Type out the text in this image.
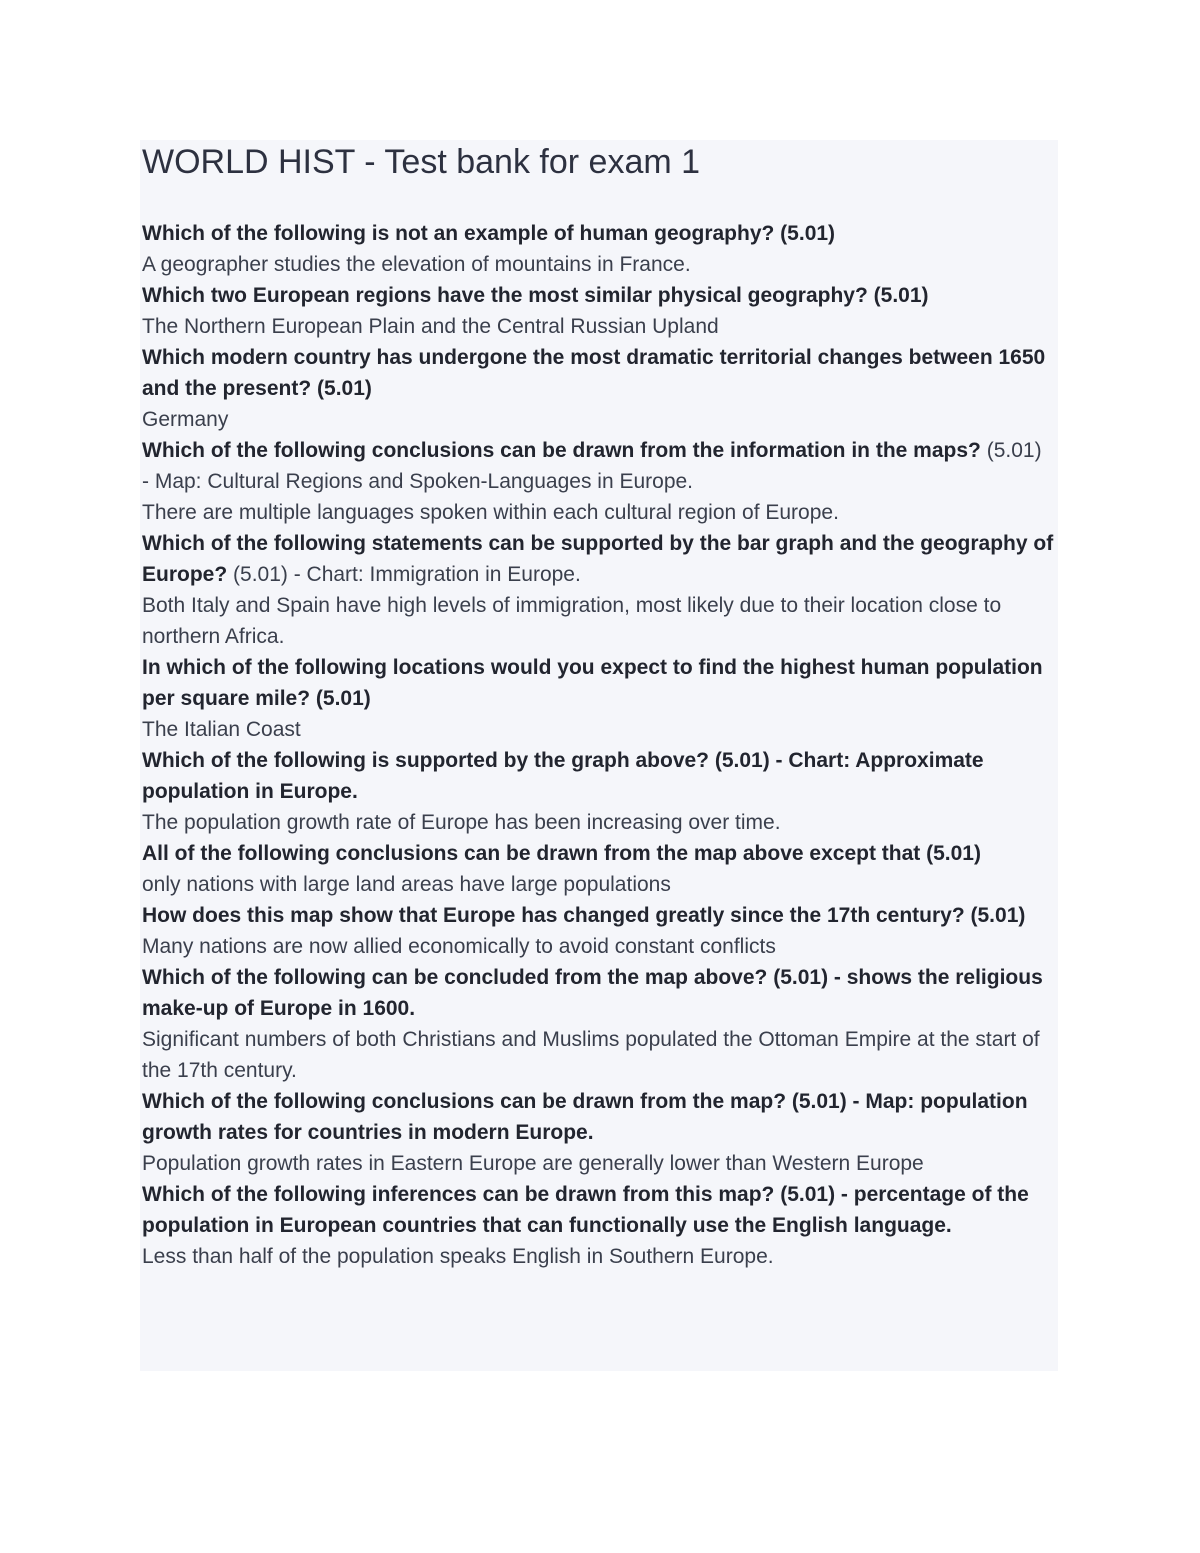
WORLD HIST - Test bank for exam 1

Which of the following is not an example of human geography? (5.01)

A geographer studies the elevation of mountains in France.

Which two European regions have the most similar physical geography? (5.01)

The Northern European Plain and the Central Russian Upland

Which modern country has undergone the most dramatic territorial changes between 1650 and the present? (5.01)

Germany

Which of the following conclusions can be drawn from the information in the maps? (5.01) - Map: Cultural Regions and Spoken-Languages in Europe.

There are multiple languages spoken within each cultural region of Europe.

Which of the following statements can be supported by the bar graph and the geography of Europe? (5.01) - Chart: Immigration in Europe.

Both Italy and Spain have high levels of immigration, most likely due to their location close to northern Africa.

In which of the following locations would you expect to find the highest human population per square mile? (5.01)

The Italian Coast

Which of the following is supported by the graph above? (5.01) - Chart: Approximate population in Europe.

The population growth rate of Europe has been increasing over time.

All of the following conclusions can be drawn from the map above except that (5.01)

only nations with large land areas have large populations

How does this map show that Europe has changed greatly since the 17th century? (5.01)

Many nations are now allied economically to avoid constant conflicts

Which of the following can be concluded from the map above? (5.01) - shows the religious make-up of Europe in 1600.

Significant numbers of both Christians and Muslims populated the Ottoman Empire at the start of the 17th century.

Which of the following conclusions can be drawn from the map? (5.01) - Map: population growth rates for countries in modern Europe.

Population growth rates in Eastern Europe are generally lower than Western Europe

Which of the following inferences can be drawn from this map? (5.01) - percentage of the population in European countries that can functionally use the English language.

Less than half of the population speaks English in Southern Europe.
